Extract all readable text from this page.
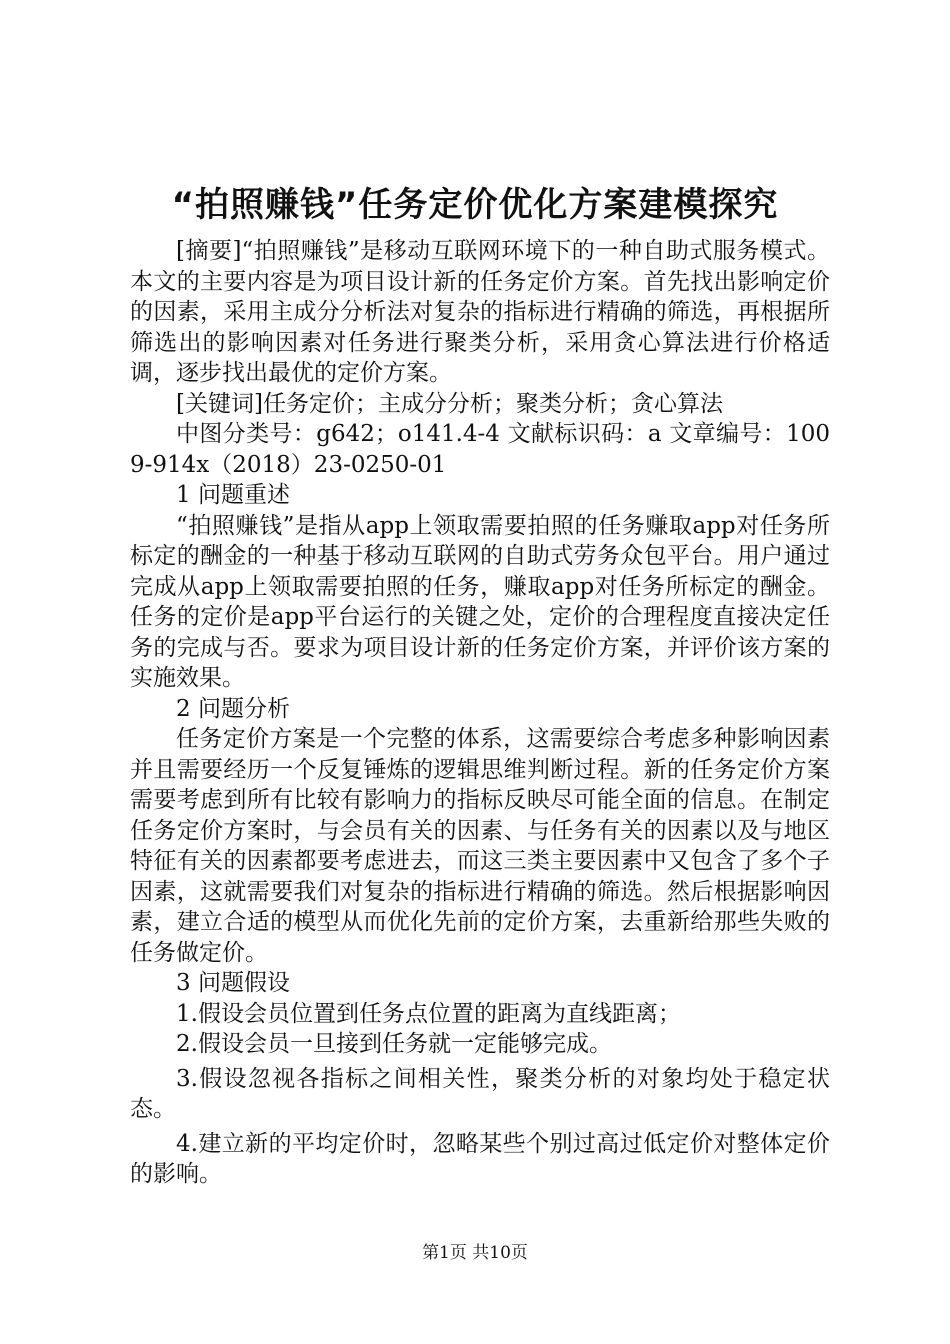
“拍照赚钱”任务定价优化方案建模探究

[摘要]“拍照赚钱”是移动互联网环境下的一种自助式服务模式。本文的主要内容是为项目设计新的任务定价方案。首先找出影响定价的因素，采用主成分分析法对复杂的指标进行精确的筛选，再根据所筛选出的影响因素对任务进行聚类分析，采用贪心算法进行价格适调，逐步找出最优的定价方案。

[关键词]任务定价；主成分分析；聚类分析；贪心算法

中图分类号：g642；o141.4-4 文献标识码：a 文章编号：1009-914x（2018）23-0250-01

1 问题重述

“拍照赚钱”是指从app上领取需要拍照的任务赚取app对任务所标定的酬金的一种基于移动互联网的自助式劳务众包平台。用户通过完成从app上领取需要拍照的任务，赚取app对任务所标定的酬金。任务的定价是app平台运行的关键之处，定价的合理程度直接决定任务的完成与否。要求为项目设计新的任务定价方案，并评价该方案的实施效果。

2 问题分析

任务定价方案是一个完整的体系，这需要综合考虑多种影响因素并且需要经历一个反复锤炼的逻辑思维判断过程。新的任务定价方案需要考虑到所有比较有影响力的指标反映尽可能全面的信息。在制定任务定价方案时，与会员有关的因素、与任务有关的因素以及与地区特征有关的因素都要考虑进去，而这三类主要因素中又包含了多个子因素，这就需要我们对复杂的指标进行精确的筛选。然后根据影响因素，建立合适的模型从而优化先前的定价方案，去重新给那些失败的任务做定价。

3 问题假设

1.假设会员位置到任务点位置的距离为直线距离；

2.假设会员一旦接到任务就一定能够完成。

3.假设忽视各指标之间相关性，聚类分析的对象均处于稳定状态。

4.建立新的平均定价时，忽略某些个别过高过低定价对整体定价的影响。

第1页 共10页
